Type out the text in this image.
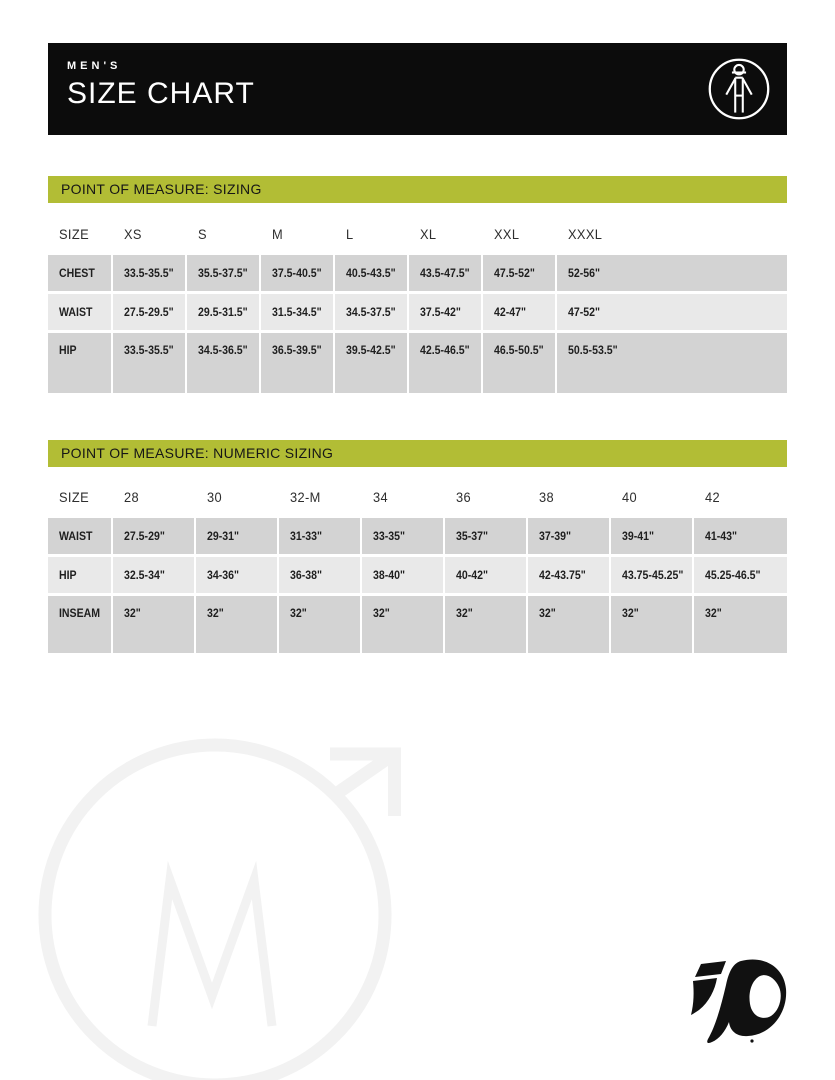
MEN'S
SIZE CHART
POINT OF MEASURE: SIZING
SIZE	XS	S	M	L	XL	XXL	XXXL
CHEST 33.5-35.5" 35.5-37.5" 37.5-40.5" 40.5-43.5" 43.5-47.5" 47.5-52"	52-56"
WAIST	27.5-29.5" 29.5-31.5" 31.5-34.5" 34.5-37.5" 37.5-42"	42-47"	47-52"
HIP	33.5-35.5" 34.5-36.5" 36.5-39.5" 39.5-42.5" 42.5-46.5" 46.5-50.5" 50.5-53.5"
POINT OF MEASURE: NUMERIC SIZING
SIZE	28	30	32-M	34	36	38	40	42
WAIST	27.5-29"	29-31"	31-33"	33-35"	35-37"	37-39"	39-41"	41-43"
HIP	32.5-34"	34-36"	36-38"	38-40"	40-42"	42-43.75"	43.75-45.25" 45.25-46.5"
INSEAM 32"	32"	32"	32"	32"	32"	32"	32"
M
